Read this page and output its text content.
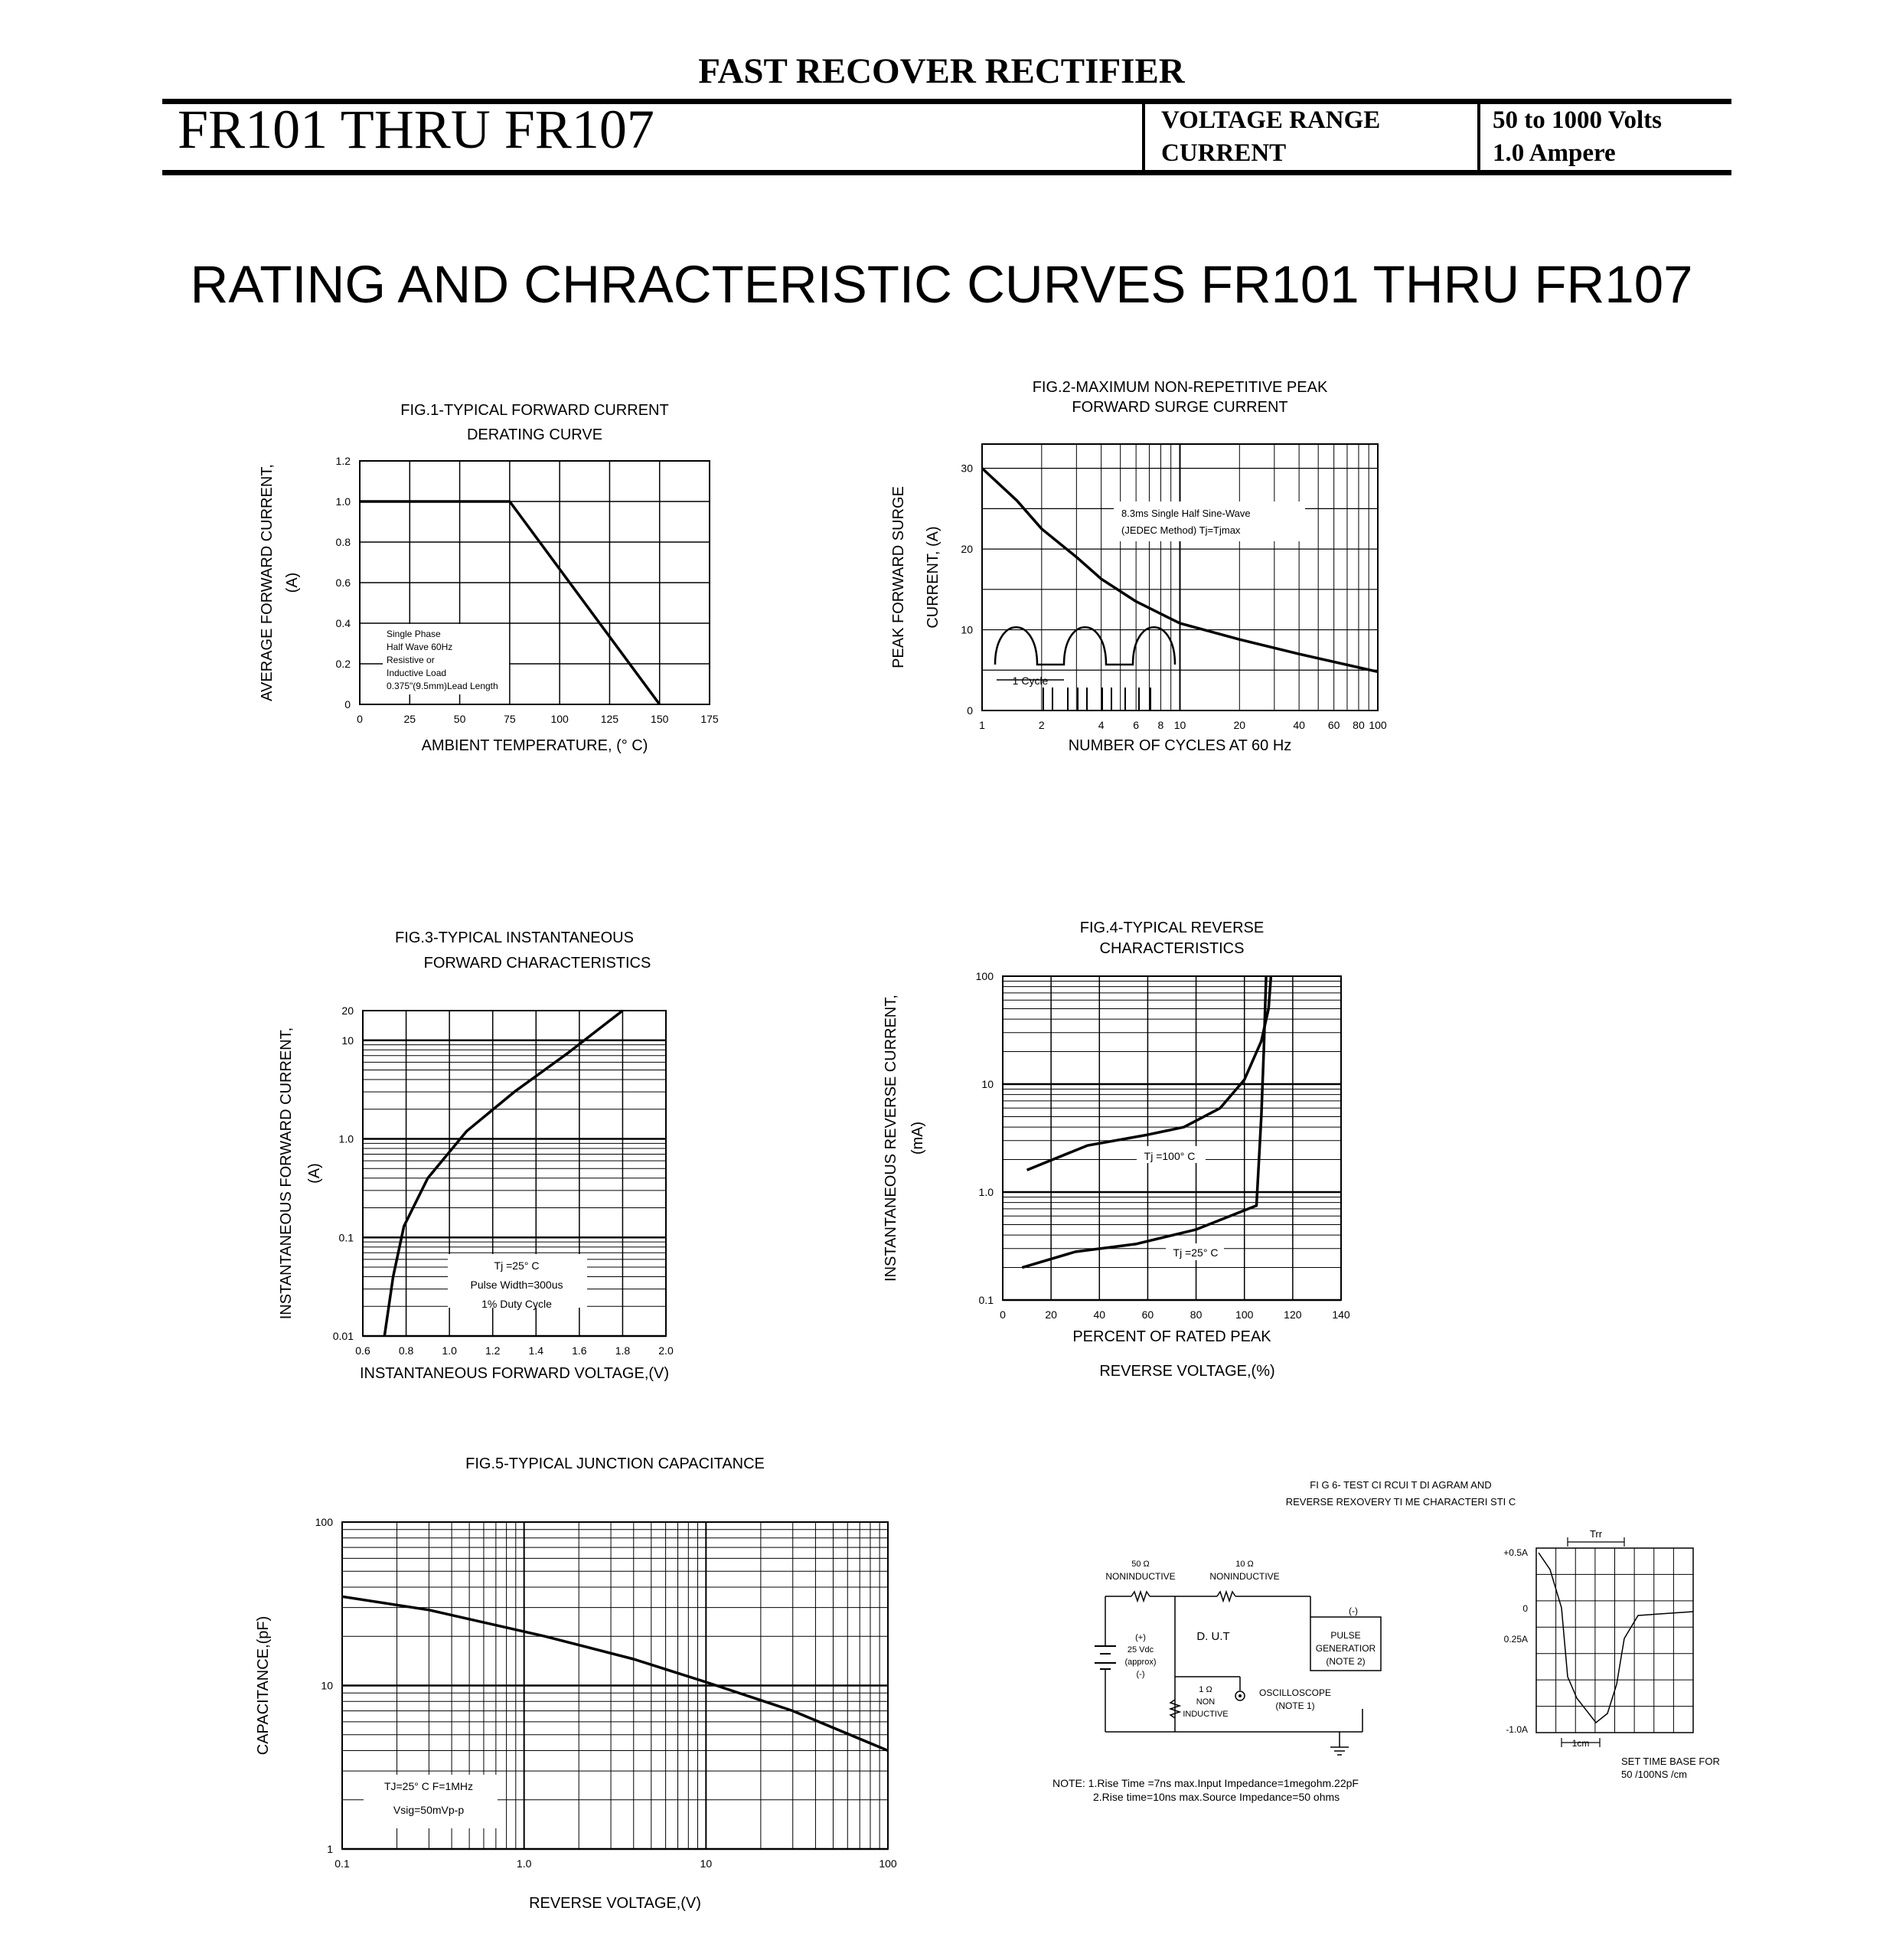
FAST RECOVER RECTIFIER
FR101 THRU FR107	VOLTAGE RANGE	50 to 1000 Volts
CURRENT	1.0 Ampere
RATING AND CHRACTERISTIC CURVES FR101 THRU FR107
FIG.1-TYPICAL FORWARD CURRENT
DERATING CURVE
AMBIENT TEMPERATURE, (° C)
AVERAGE FORWARD CURRENT, (A)
0	25	50	75	100	125	150	175
0
0.2
0.4
0.6
0.8
1.0
1.2
Single Phase
Half Wave 60Hz
Resistive or
Inductive Load
0.375"(9.5mm)Lead Length
FIG.2-MAXIMUM NON-REPETITIVE PEAK
FORWARD SURGE CURRENT
NUMBER OF CYCLES AT 60 Hz
PEAK FORWARD SURGE CURRENT, (A)
1	2	4	6 8 10	20	40 60 80 100
0
10
20
30
8.3ms Single Half Sine-Wave
(JEDEC Method) Tj=Tjmax
1 Cycle
FIG.3-TYPICAL INSTANTANEOUS
FORWARD CHARACTERISTICS
INSTANTANEOUS FORWARD VOLTAGE,(V)
INSTANTANEOUS FORWARD CURRENT, (A)
0.6	0.8	1.0	1.2	1.4	1.6	1.8	2.0
0.01
0.1
1.0
10
20
Tj =25° C
Pulse Width=300us
1% Duty Cycle
FIG.4-TYPICAL REVERSE
CHARACTERISTICS
PERCENT OF RATED PEAK
REVERSE VOLTAGE,(%)
INSTANTANEOUS REVERSE CURRENT, (mA)
0	20	40	60	80	100	120	140
0.1
1.0
10
100
Tj =100° C
Tj =25° C
FIG.5-TYPICAL JUNCTION CAPACITANCE
REVERSE VOLTAGE,(V)
CAPACITANCE,(pF)
0.1	1.0	10	100
1
10
100
TJ=25° C F=1MHz
Vsig=50mVp-p
FI G 6- TEST CI RCUI T DI AGRAM AND
REVERSE REXOVERY TI ME CHARACTERI STI C
50 Ω
NONINDUCTIVE
10 Ω
NONINDUCTIVE
D. U.T
(+)
25 Vdc
(approx)
(-)
PULSE
GENERATIOR
(NOTE 2)
(-)
1 Ω
NON
INDUCTIVE
OSCILLOSCOPE
(NOTE 1)
NOTE: 1.Rise Time =7ns max.Input Impedance=1megohm.22pF
2.Rise time=10ns max.Source Impedance=50 ohms
Trr
+0.5A
0
0.25A
-1.0A
1cm
SET TIME BASE FOR
50 /100NS /cm
